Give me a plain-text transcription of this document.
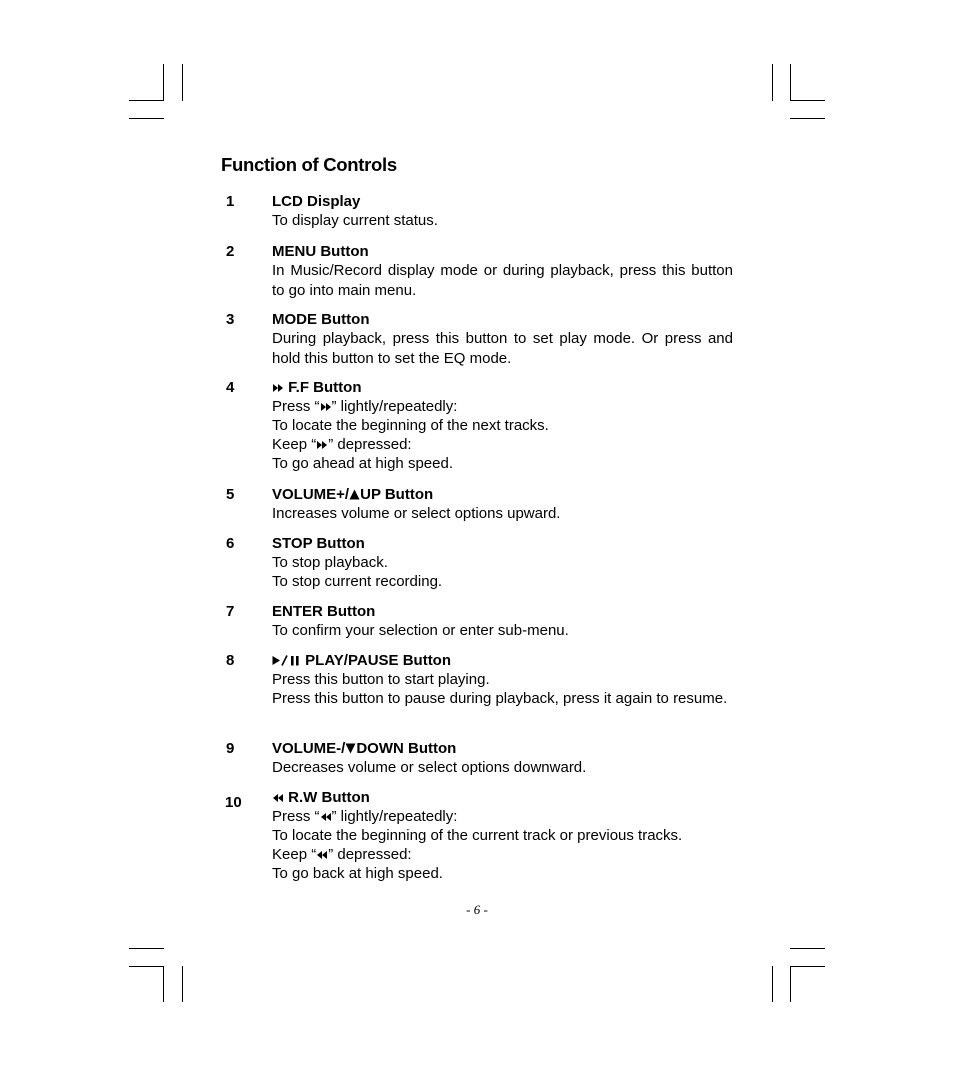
Function of Controls
1	LCD Display
To display current status.
2	MENU Button
In Music/Record display mode or during playback, press this button to go into main menu.
3	MODE Button
During playback, press this button to set play mode. Or press and hold this button to set the EQ mode.
4	F.F Button
Press “ ” lightly/repeatedly:
To locate the beginning of the next tracks.
Keep “ ” depressed:
To go ahead at high speed.
5	VOLUME+/ UP Button
Increases volume or select options upward.
6	STOP Button
To stop playback.
To stop current recording.
7	ENTER Button
To confirm your selection or enter sub-menu.
8	PLAY/PAUSE Button
Press this button to start playing.
Press this button to pause during playback, press it again to resume.
9	VOLUME-/ DOWN Button
Decreases volume or select options downward.
10	R.W Button
Press “ ” lightly/repeatedly:
To locate the beginning of the current track or previous tracks.
Keep “ ” depressed:
To go back at high speed.
- 6 -
